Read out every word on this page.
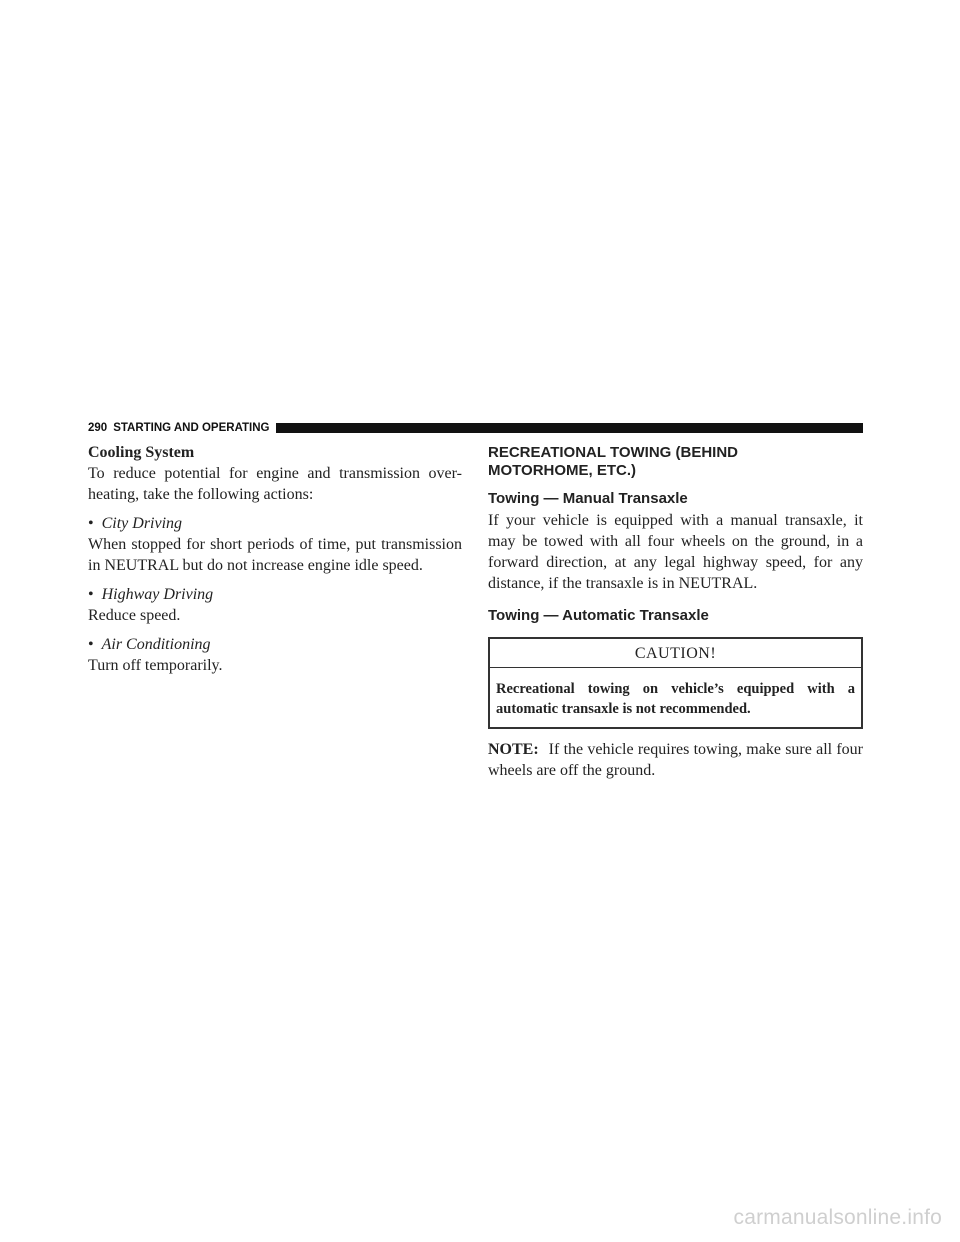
290 STARTING AND OPERATING

Cooling System

To reduce potential for engine and transmission over-heating, take the following actions:

• City Driving

When stopped for short periods of time, put transmission in NEUTRAL but do not increase engine idle speed.

• Highway Driving

Reduce speed.

• Air Conditioning

Turn off temporarily.

RECREATIONAL TOWING (BEHIND MOTORHOME, ETC.)

Towing — Manual Transaxle

If your vehicle is equipped with a manual transaxle, it may be towed with all four wheels on the ground, in a forward direction, at any legal highway speed, for any distance, if the transaxle is in NEUTRAL.

Towing — Automatic Transaxle

CAUTION!

Recreational towing on vehicle’s equipped with a automatic transaxle is not recommended.

NOTE: If the vehicle requires towing, make sure all four wheels are off the ground.

carmanualsonline.info
